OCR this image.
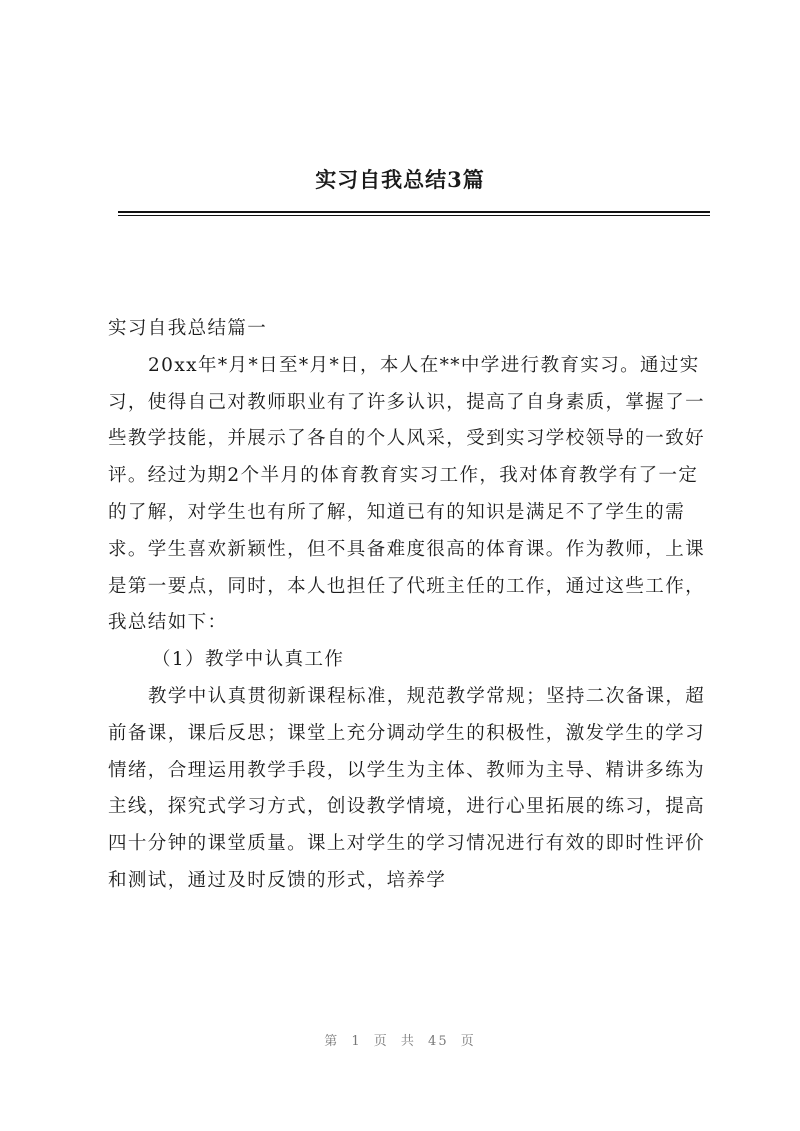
实习自我总结3篇

实习自我总结篇一

20xx年*月*日至*月*日，本人在**中学进行教育实习。通过实习，使得自己对教师职业有了许多认识，提高了自身素质，掌握了一些教学技能，并展示了各自的个人风采，受到实习学校领导的一致好评。经过为期2个半月的体育教育实习工作，我对体育教学有了一定的了解，对学生也有所了解，知道已有的知识是满足不了学生的需求。学生喜欢新颖性，但不具备难度很高的体育课。作为教师，上课是第一要点，同时，本人也担任了代班主任的工作，通过这些工作，我总结如下：

（1）教学中认真工作

教学中认真贯彻新课程标准，规范教学常规；坚持二次备课，超前备课，课后反思；课堂上充分调动学生的积极性，激发学生的学习情绪，合理运用教学手段，以学生为主体、教师为主导、精讲多练为主线，探究式学习方式，创设教学情境，进行心里拓展的练习，提高四十分钟的课堂质量。课上对学生的学习情况进行有效的即时性评价和测试，通过及时反馈的形式，培养学

第 1 页 共 45 页
